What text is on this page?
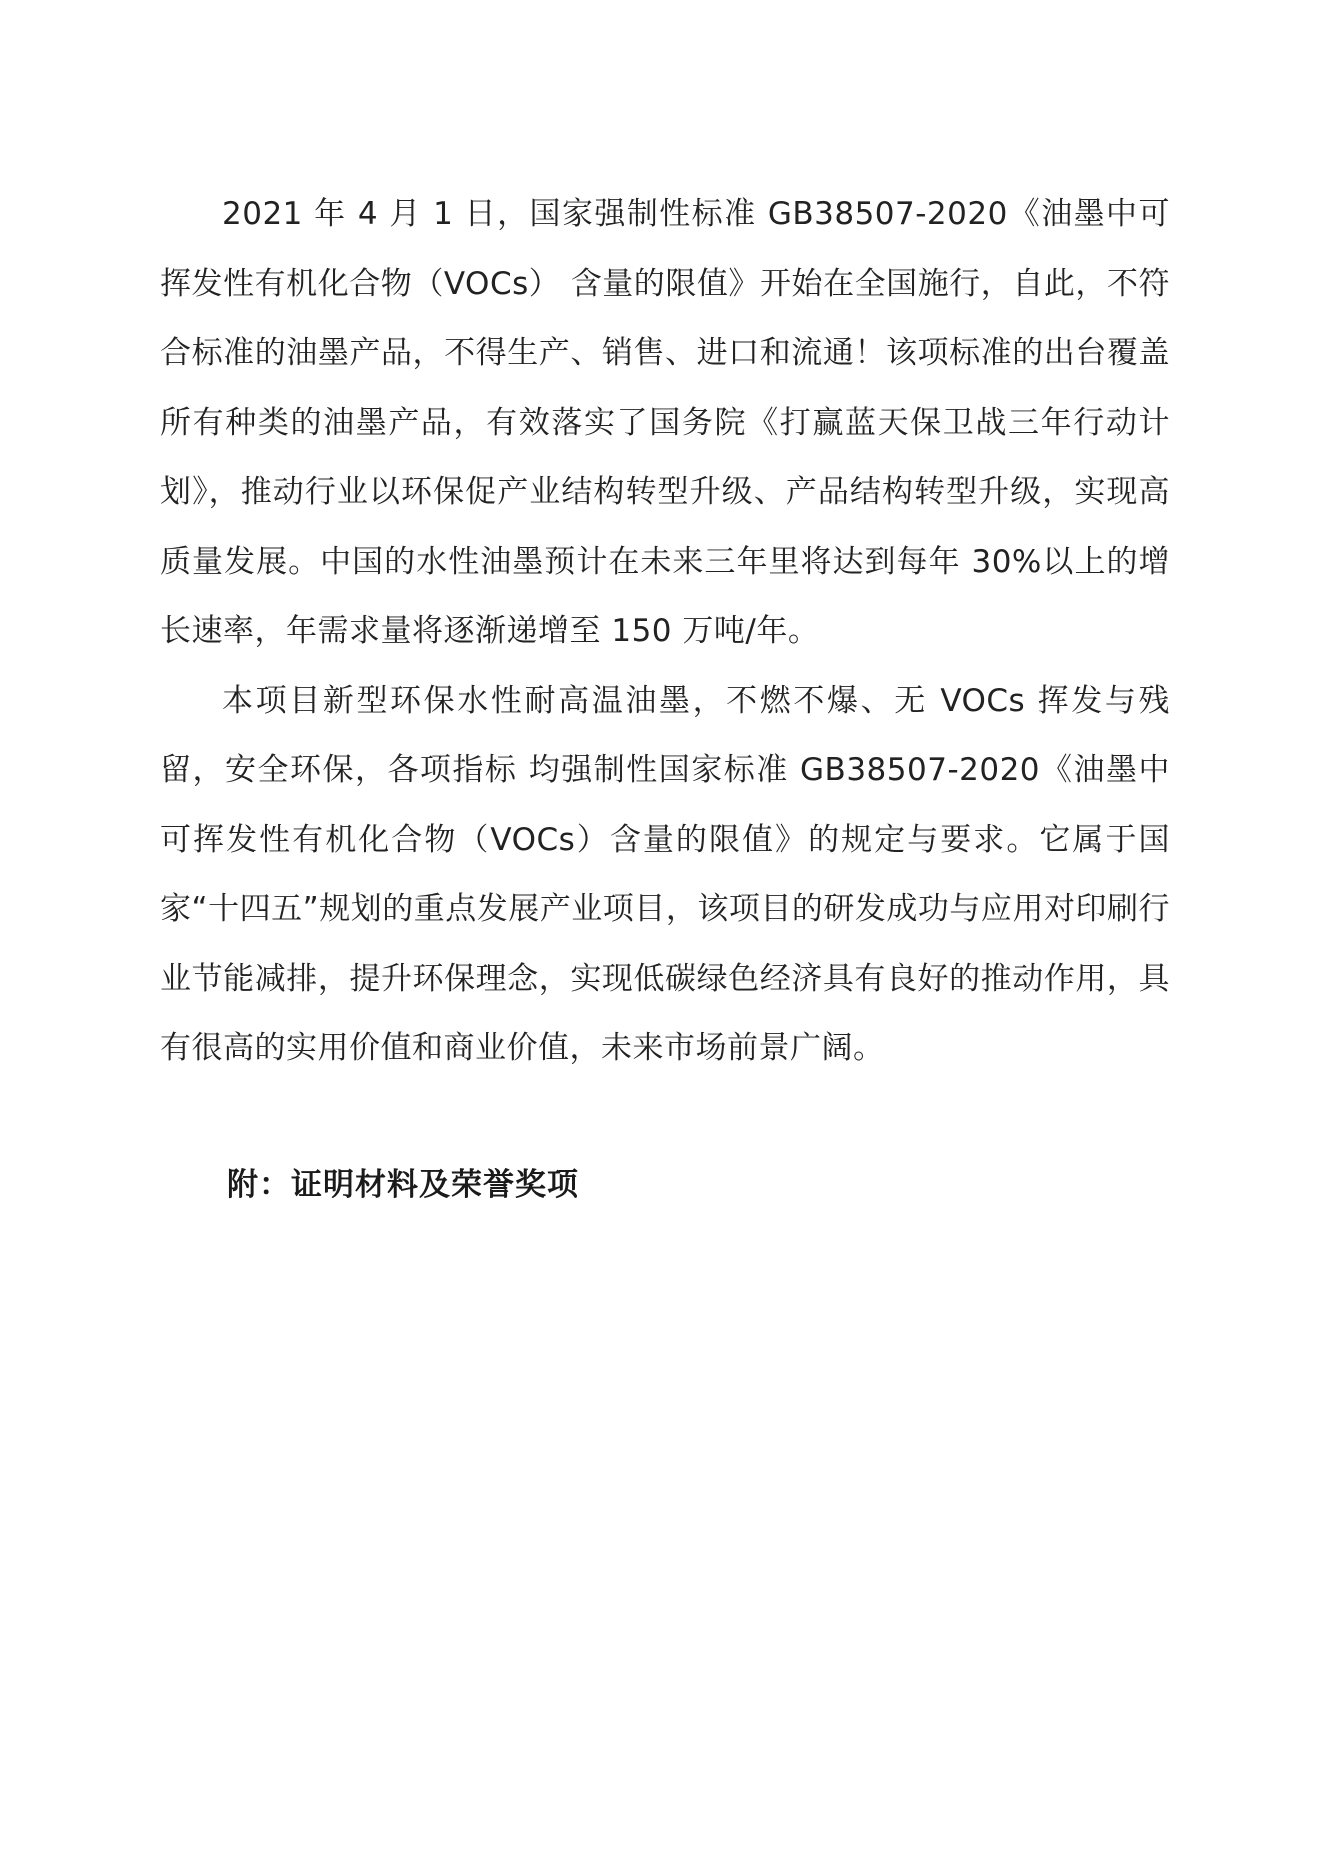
2021 年 4 月 1 日，国家强制性标准 GB38507-2020《油墨中可挥发性有机化合物（VOCs） 含量的限值》开始在全国施行，自此，不符合标准的油墨产品，不得生产、销售、进口和流通！该项标准的出台覆盖所有种类的油墨产品，有效落实了国务院《打赢蓝天保卫战三年行动计划》，推动行业以环保促产业结构转型升级、产品结构转型升级，实现高质量发展。中国的水性油墨预计在未来三年里将达到每年 30%以上的增长速率，年需求量将逐渐递增至 150 万吨/年。

本项目新型环保水性耐高温油墨，不燃不爆、无 VOCs 挥发与残留，安全环保，各项指标 均强制性国家标准 GB38507-2020《油墨中可挥发性有机化合物（VOCs）含量的限值》的规定与要求。它属于国家“十四五”规划的重点发展产业项目，该项目的研发成功与应用对印刷行业节能减排，提升环保理念，实现低碳绿色经济具有良好的推动作用，具有很高的实用价值和商业价值，未来市场前景广阔。

附：证明材料及荣誉奖项
